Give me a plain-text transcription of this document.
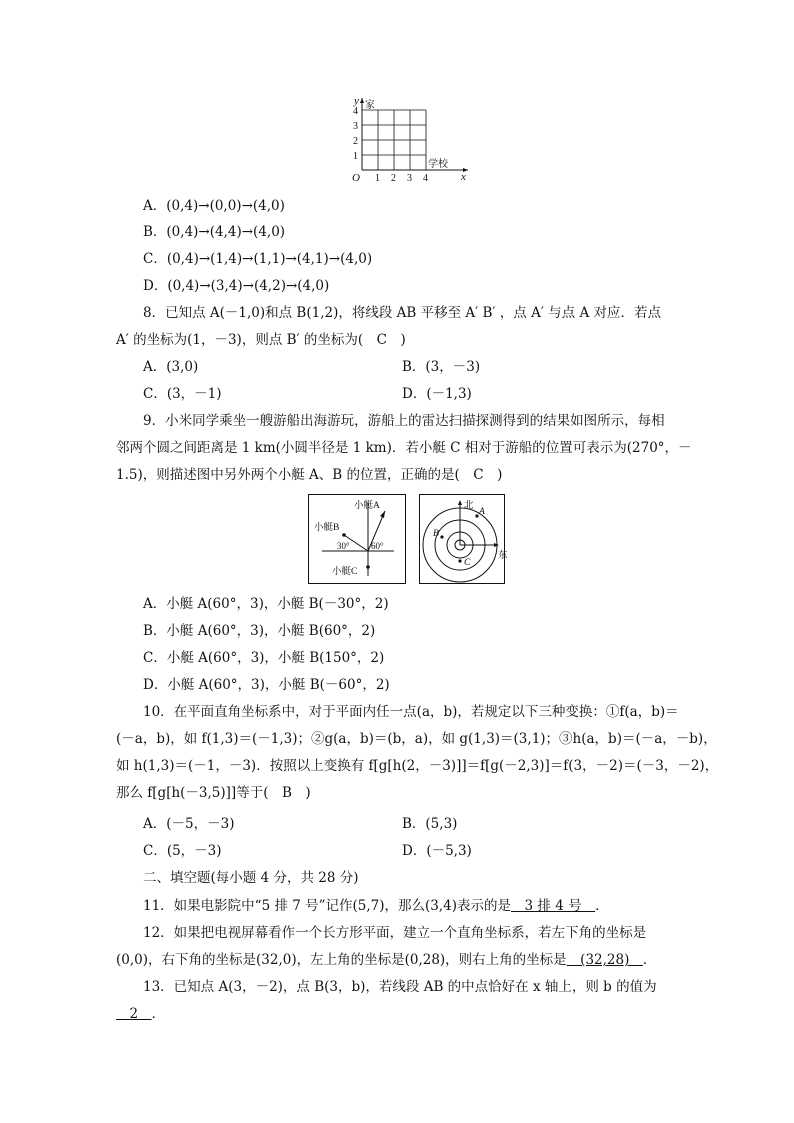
y
x
O
家
学校
1 2 3 4
1
2
3
4
A．(0,4)→(0,0)→(4,0)
B．(0,4)→(4,4)→(4,0)
C．(0,4)→(1,4)→(1,1)→(4,1)→(4,0)
D．(0,4)→(3,4)→(4,2)→(4,0)
8．已知点 A(－1,0)和点 B(1,2)，将线段 AB 平移至 A′ B′ ，点 A′ 与点 A 对应．若点
A′ 的坐标为(1，－3)，则点 B′ 的坐标为(　C　)
A．(3,0)	B．(3，－3)
C．(3，－1)	D．(－1,3)
9．小米同学乘坐一艘游船出海游玩，游船上的雷达扫描探测得到的结果如图所示，每相
邻两个圆之间距离是 1 km(小圆半径是 1 km)．若小艇 C 相对于游船的位置可表示为(270°，－
1.5)，则描述图中另外两个小艇 A、B 的位置，正确的是(　C　)
小艇A
小艇B
小艇C
30° 60°
北
东
A
B
C
A．小艇 A(60°，3)，小艇 B(－30°，2)
B．小艇 A(60°，3)，小艇 B(60°，2)
C．小艇 A(60°，3)，小艇 B(150°，2)
D．小艇 A(60°，3)，小艇 B(－60°，2)
10．在平面直角坐标系中，对于平面内任一点(a，b)，若规定以下三种变换：①f(a，b)＝
(－a，b)，如 f(1,3)＝(－1,3)；②g(a，b)＝(b，a)，如 g(1,3)＝(3,1)；③h(a，b)＝(－a，－b)，
如 h(1,3)＝(－1，－3)．按照以上变换有 f[g[h(2，－3)]]＝f[g(－2,3)]＝f(3，－2)＝(－3，－2)，
那么 f[g[h(－3,5)]]等于(　B　)
A．(－5，－3)	B．(5,3)
C．(5，－3)	D．(－5,3)
二、填空题(每小题 4 分，共 28 分)
11．如果电影院中“5 排 7 号”记作(5,7)，那么(3,4)表示的是　3 排 4 号　．
12．如果把电视屏幕看作一个长方形平面，建立一个直角坐标系，若左下角的坐标是
(0,0)，右下角的坐标是(32,0)，左上角的坐标是(0,28)，则右上角的坐标是　(32,28)　．
13．已知点 A(3，－2)，点 B(3，b)，若线段 AB 的中点恰好在 x 轴上，则 b 的值为
　2　．
